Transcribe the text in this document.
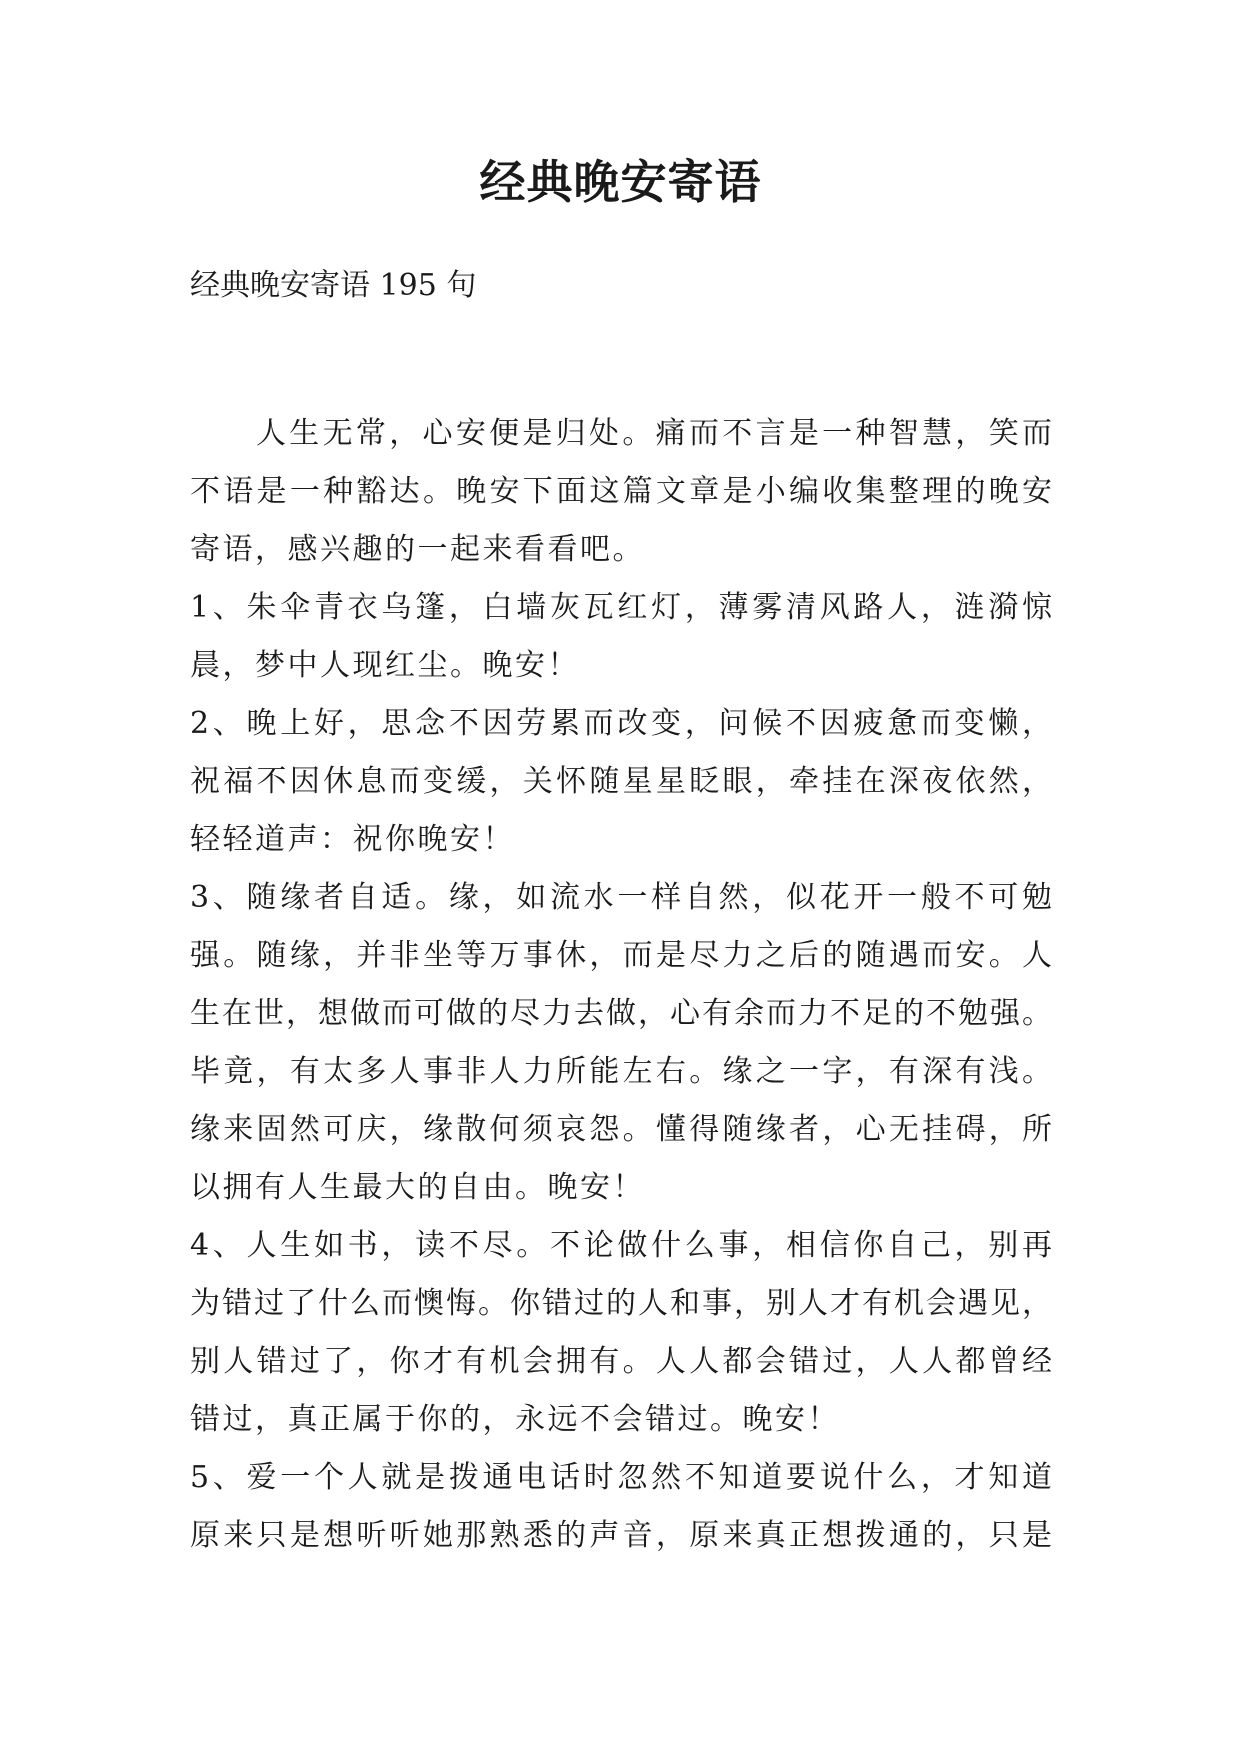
经典晚安寄语
经典晚安寄语 195 句
人生无常，心安便是归处。痛而不言是一种智慧，笑而
不语是一种豁达。晚安下面这篇文章是小编收集整理的晚安
寄语，感兴趣的一起来看看吧。
1、朱伞青衣乌篷，白墙灰瓦红灯，薄雾清风路人，涟漪惊
晨，梦中人现红尘。晚安！
2、晚上好，思念不因劳累而改变，问候不因疲惫而变懒，
祝福不因休息而变缓，关怀随星星眨眼，牵挂在深夜依然，
轻轻道声：祝你晚安！
3、随缘者自适。缘，如流水一样自然，似花开一般不可勉
强。随缘，并非坐等万事休，而是尽力之后的随遇而安。人
生在世，想做而可做的尽力去做，心有余而力不足的不勉强。
毕竟，有太多人事非人力所能左右。缘之一字，有深有浅。
缘来固然可庆，缘散何须哀怨。懂得随缘者，心无挂碍，所
以拥有人生最大的自由。晚安！
4、人生如书，读不尽。不论做什么事，相信你自己，别再
为错过了什么而懊悔。你错过的人和事，别人才有机会遇见，
别人错过了，你才有机会拥有。人人都会错过，人人都曾经
错过，真正属于你的，永远不会错过。晚安！
5、爱一个人就是拨通电话时忽然不知道要说什么，才知道
原来只是想听听她那熟悉的声音，原来真正想拨通的，只是
